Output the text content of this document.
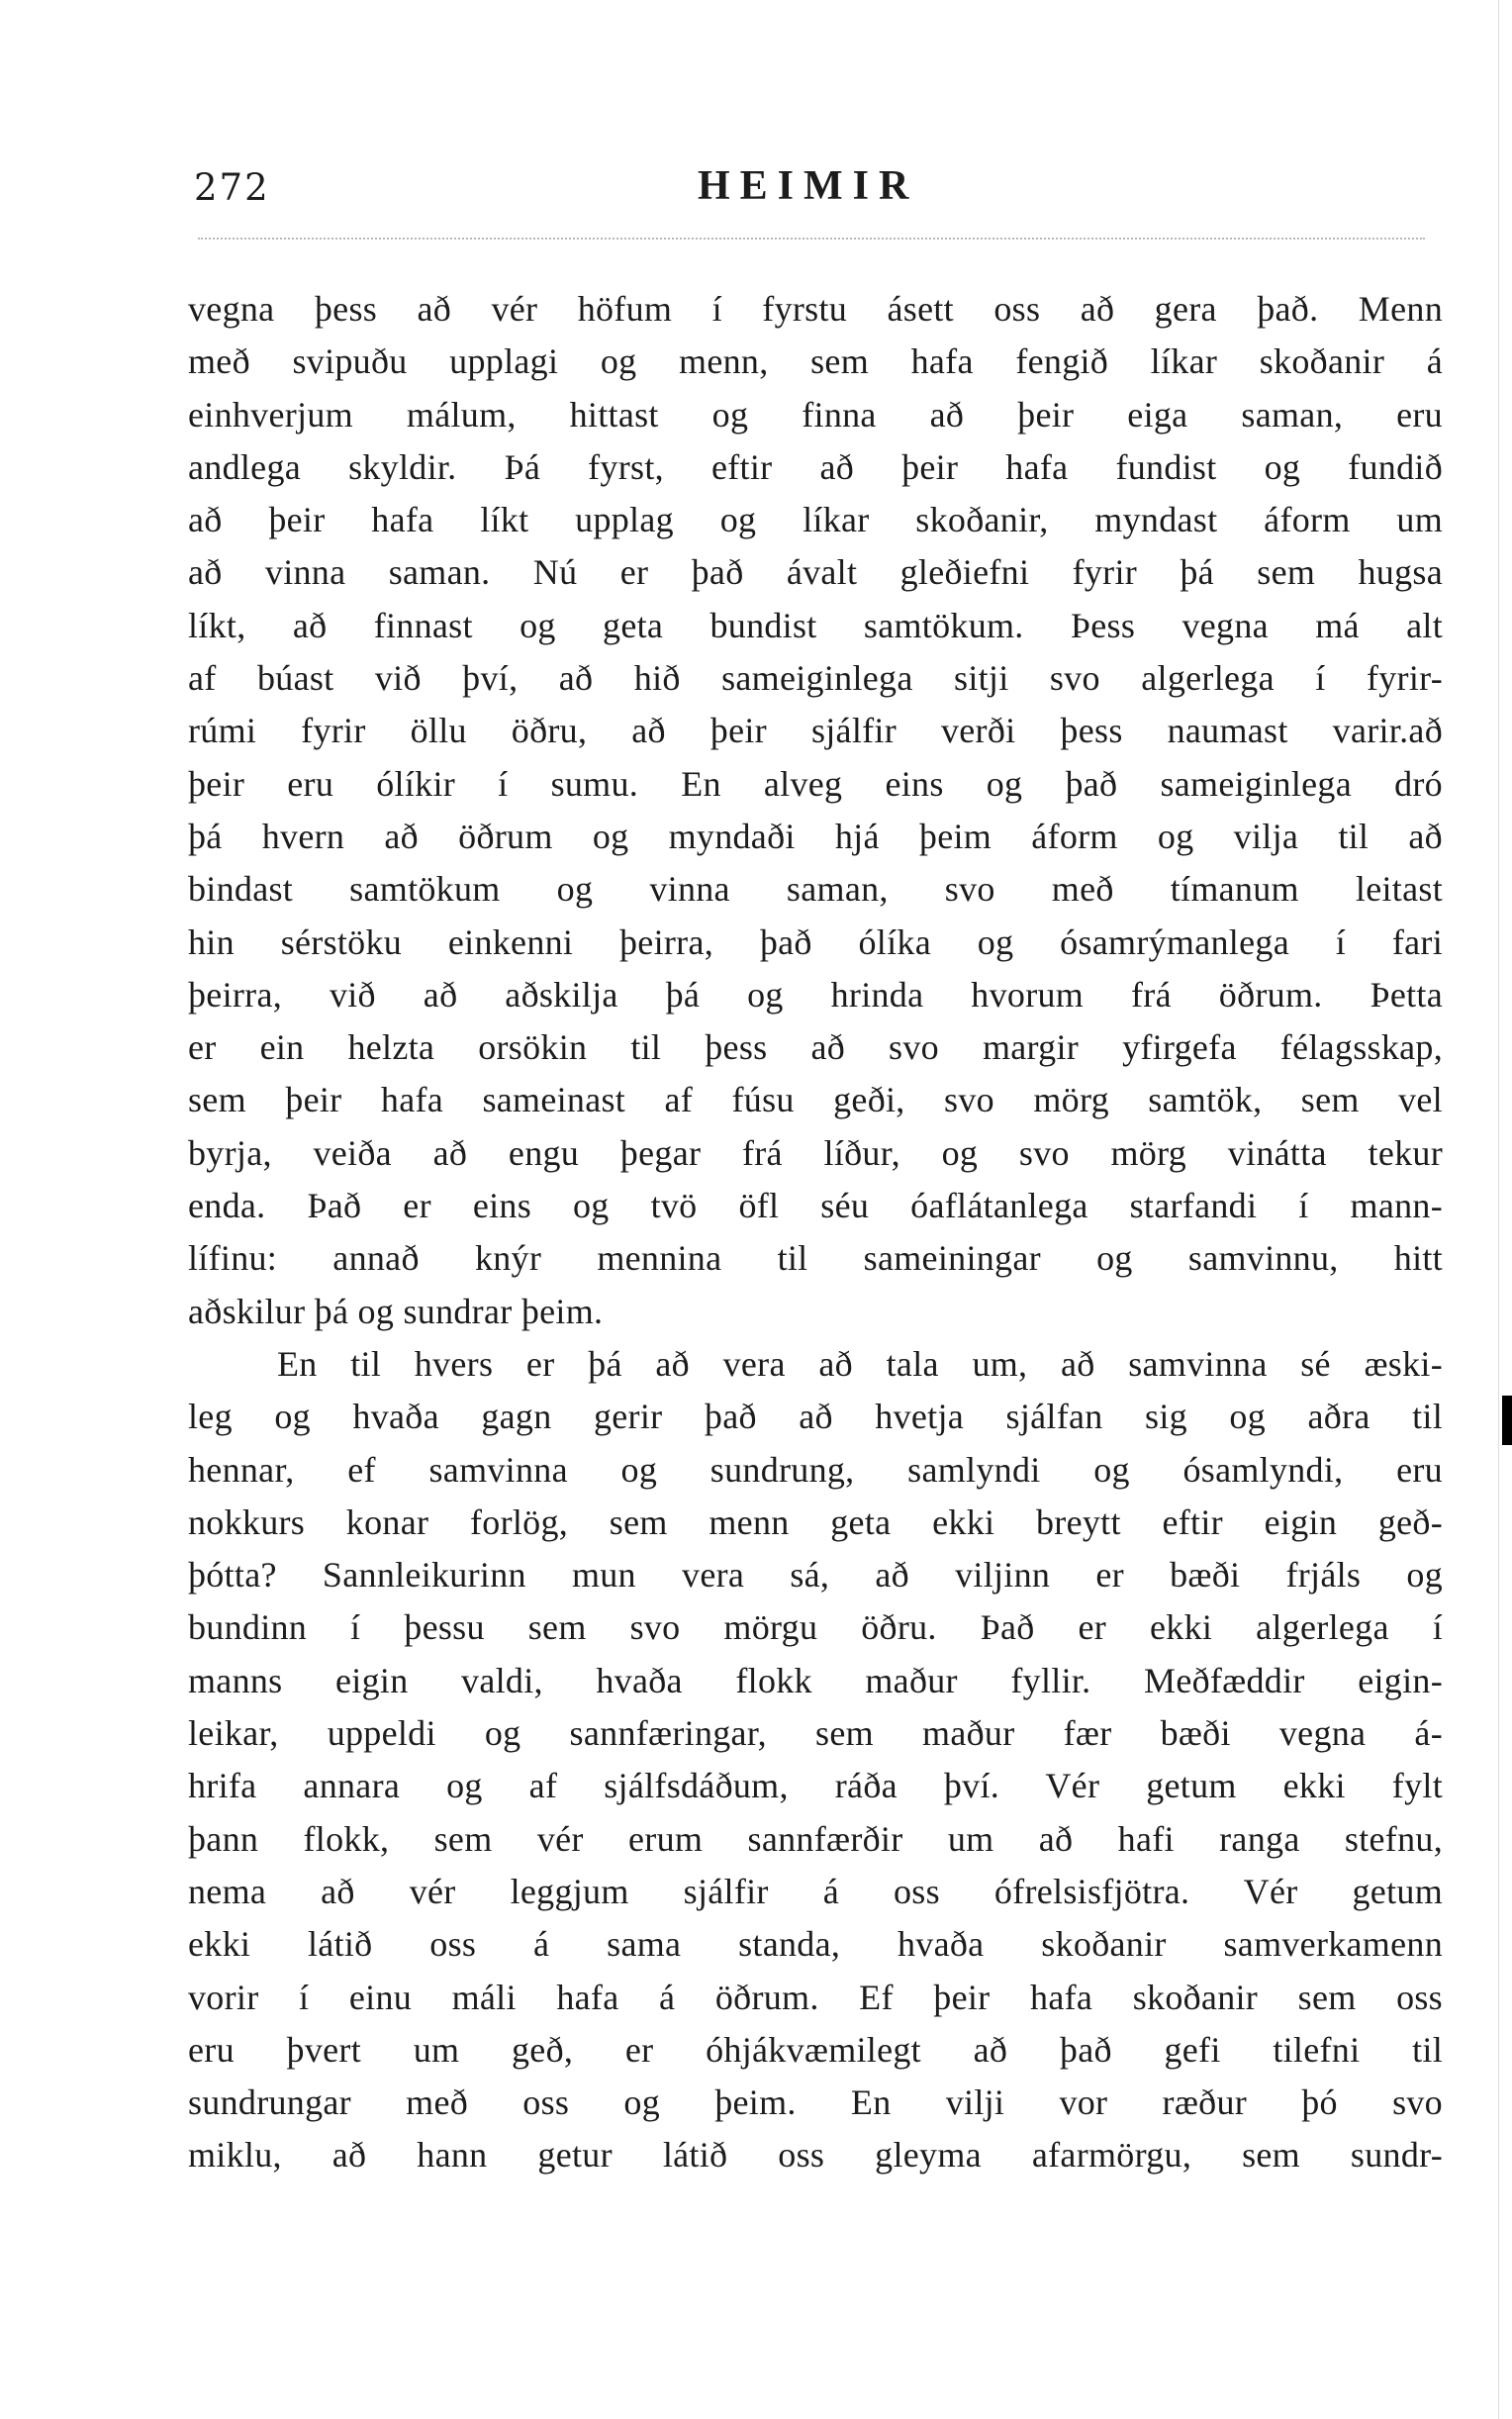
272	HEIMIR
vegna þess að vér höfum í fyrstu ásett oss að gera það. Menn
með svipuðu upplagi og menn, sem hafa fengið líkar skoðanir á
einhverjum málum, hittast og finna að þeir eiga saman, eru
andlega skyldir. Þá fyrst, eftir að þeir hafa fundist og fundið
að þeir hafa líkt upplag og líkar skoðanir, myndast áform um
að vinna saman. Nú er það ávalt gleðiefni fyrir þá sem hugsa
líkt, að finnast og geta bundist samtökum. Þess vegna má alt
af búast við því, að hið sameiginlega sitji svo algerlega í fyrir-
rúmi fyrir öllu öðru, að þeir sjálfir verði þess naumast varir.að
þeir eru ólíkir í sumu. En alveg eins og það sameiginlega dró
þá hvern að öðrum og myndaði hjá þeim áform og vilja til að
bindast samtökum og vinna saman, svo með tímanum leitast
hin sérstöku einkenni þeirra, það ólíka og ósamrýmanlega í fari
þeirra, við að aðskilja þá og hrinda hvorum frá öðrum. Þetta
er ein helzta orsökin til þess að svo margir yfirgefa félagsskap,
sem þeir hafa sameinast af fúsu geði, svo mörg samtök, sem vel
byrja, veiða að engu þegar frá líður, og svo mörg vinátta tekur
enda. Það er eins og tvö öfl séu óaflátanlega starfandi í mann-
lífinu: annað knýr mennina til sameiningar og samvinnu, hitt
aðskilur þá og sundrar þeim.
En til hvers er þá að vera að tala um, að samvinna sé æski-
leg og hvaða gagn gerir það að hvetja sjálfan sig og aðra til
hennar, ef samvinna og sundrung, samlyndi og ósamlyndi, eru
nokkurs konar forlög, sem menn geta ekki breytt eftir eigin geð-
þótta? Sannleikurinn mun vera sá, að viljinn er bæði frjáls og
bundinn í þessu sem svo mörgu öðru. Það er ekki algerlega í
manns eigin valdi, hvaða flokk maður fyllir. Meðfæddir eigin-
leikar, uppeldi og sannfæringar, sem maður fær bæði vegna á-
hrifa annara og af sjálfsdáðum, ráða því. Vér getum ekki fylt
þann flokk, sem vér erum sannfærðir um að hafi ranga stefnu,
nema að vér leggjum sjálfir á oss ófrelsisfjötra. Vér getum
ekki látið oss á sama standa, hvaða skoðanir samverkamenn
vorir í einu máli hafa á öðrum. Ef þeir hafa skoðanir sem oss
eru þvert um geð, er óhjákvæmilegt að það gefi tilefni til
sundrungar með oss og þeim. En vilji vor ræður þó svo
miklu, að hann getur látið oss gleyma afarmörgu, sem sundr-
